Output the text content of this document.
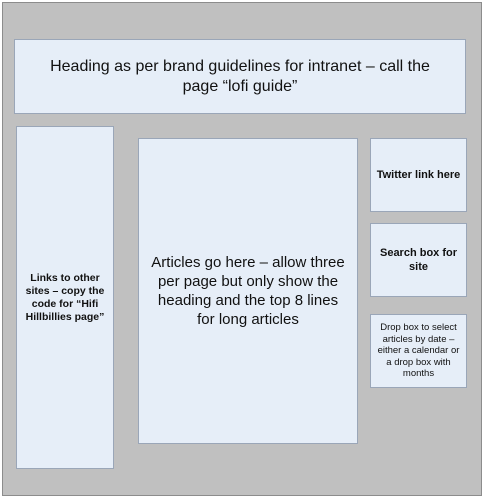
Heading as per brand guidelines for intranet – call the page “lofi guide”
Links to other sites – copy the code for “Hifi Hillbillies page”
Articles go here – allow three per page but only show the heading and the top 8 lines for long articles
Twitter link here
Search box for site
Drop box to select articles by date – either a calendar or a drop box with months
